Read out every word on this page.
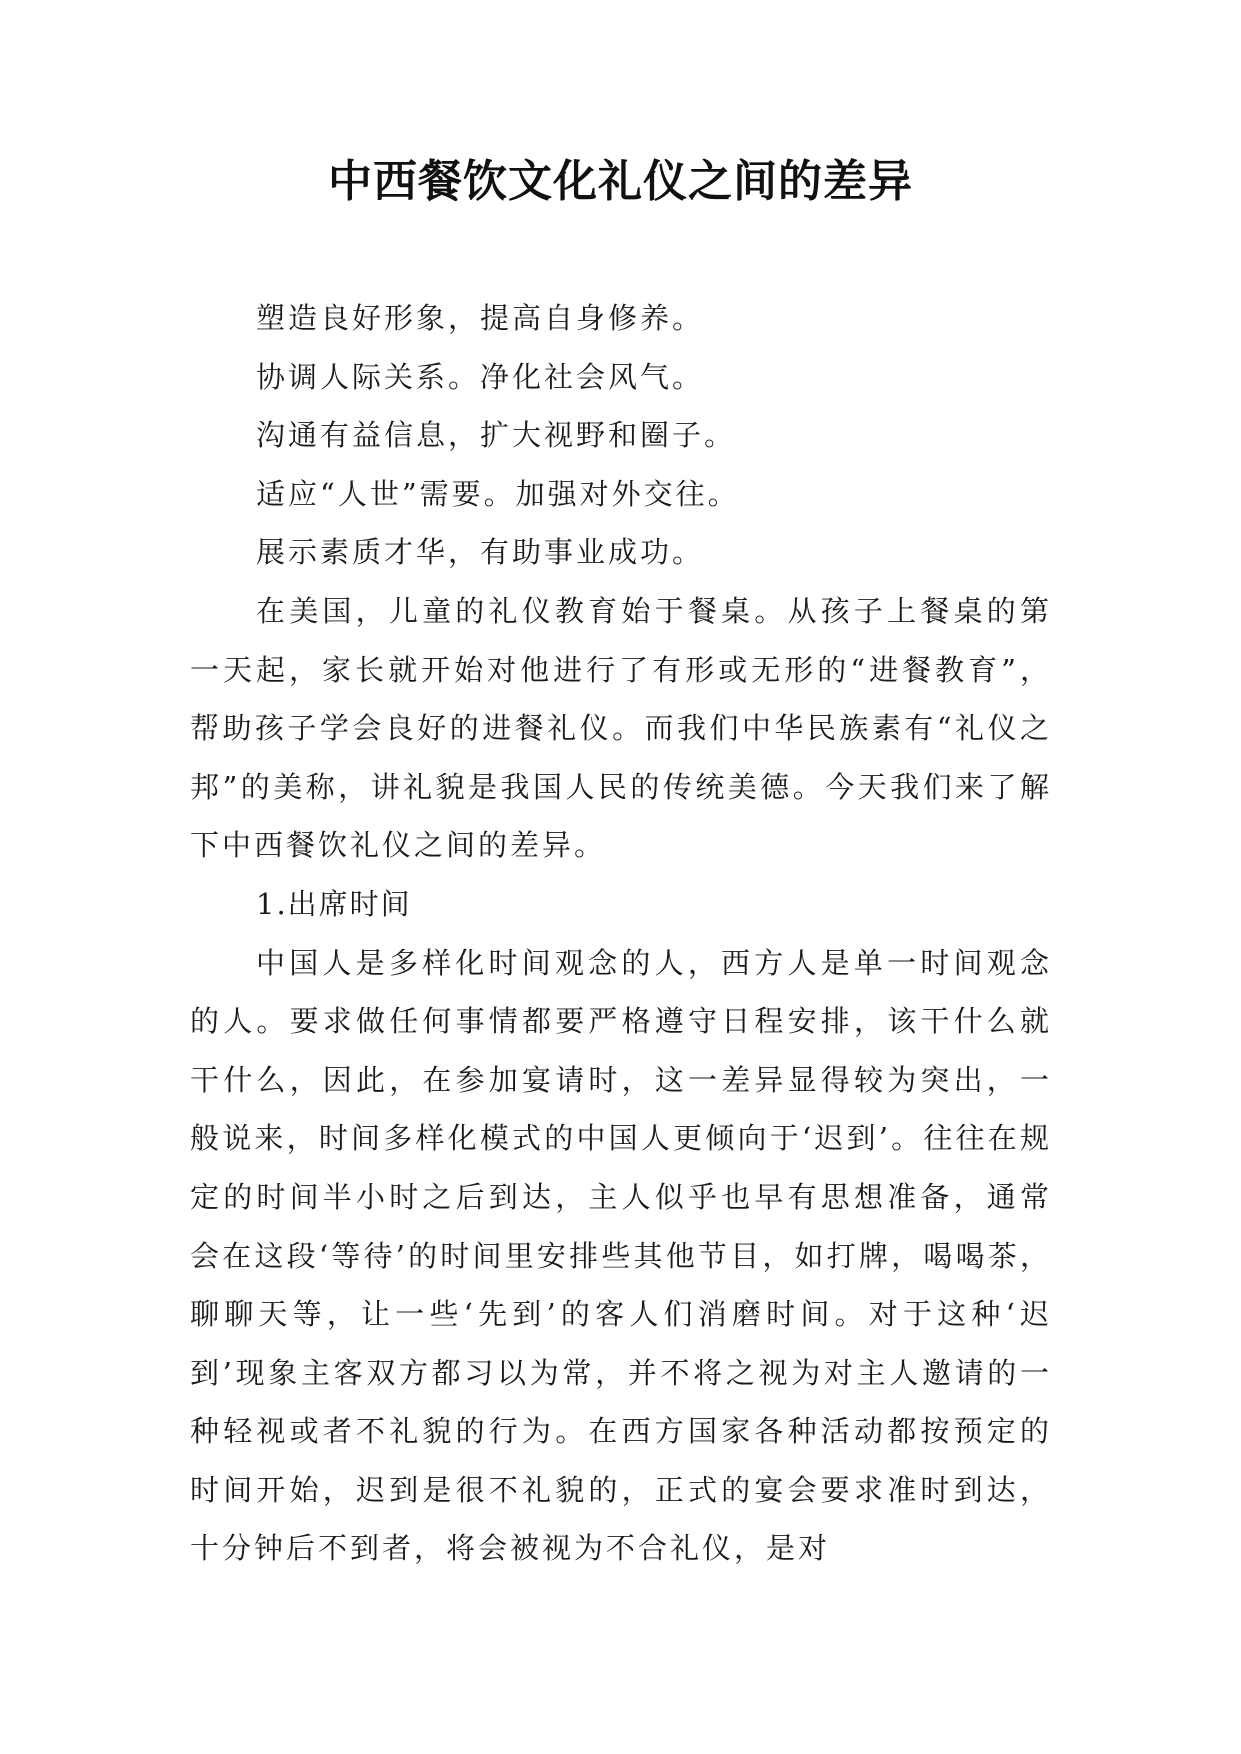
中西餐饮文化礼仪之间的差异

塑造良好形象，提高自身修养。

协调人际关系。净化社会风气。

沟通有益信息，扩大视野和圈子。

适应“人世”需要。加强对外交往。

展示素质才华，有助事业成功。

在美国，儿童的礼仪教育始于餐桌。从孩子上餐桌的第一天起，家长就开始对他进行了有形或无形的“进餐教育”，帮助孩子学会良好的进餐礼仪。而我们中华民族素有“礼仪之邦”的美称，讲礼貌是我国人民的传统美德。今天我们来了解下中西餐饮礼仪之间的差异。

1.出席时间

中国人是多样化时间观念的人，西方人是单一时间观念的人。要求做任何事情都要严格遵守日程安排，该干什么就干什么，因此，在参加宴请时，这一差异显得较为突出，一般说来，时间多样化模式的中国人更倾向于‘迟到’。往往在规定的时间半小时之后到达，主人似乎也早有思想准备，通常会在这段‘等待’的时间里安排些其他节目，如打牌，喝喝茶，聊聊天等，让一些‘先到’的客人们消磨时间。对于这种‘迟到’现象主客双方都习以为常，并不将之视为对主人邀请的一种轻视或者不礼貌的行为。在西方国家各种活动都按预定的时间开始，迟到是很不礼貌的，正式的宴会要求准时到达，十分钟后不到者，将会被视为不合礼仪，是对
